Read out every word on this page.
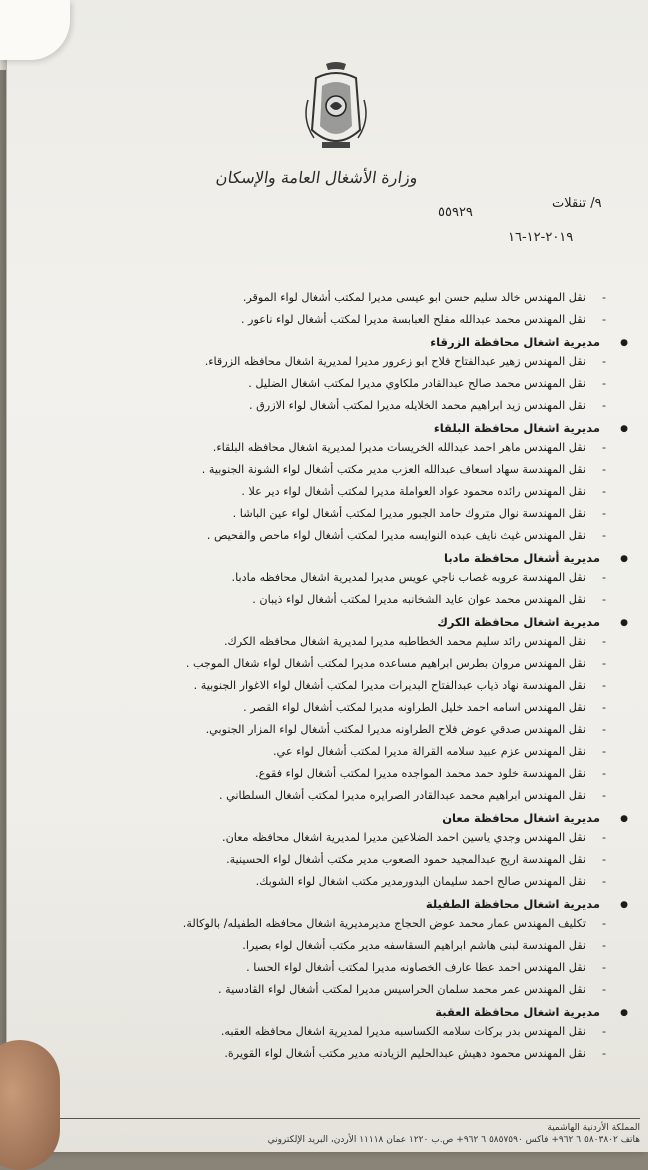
وزارة الأشغال العامة والإسكان
٩/ تنقلات
٥٥٩٢٩
٢٠١٩-١٢-١٦
- نقل المهندس خالد سليم حسن ابو عيسى مديرا لمكتب أشغال لواء الموقر.
- نقل المهندس محمد عبدالله مفلح العبابسة مديرا لمكتب أشغال لواء ناعور .
● مديرية اشغال محافظة الزرقاء
- نقل المهندس زهير عبدالفتاح فلاح ابو زعرور مديرا لمديرية اشغال محافظه الزرقاء.
- نقل المهندس محمد صالح عبدالقادر ملكاوي مديرا لمكتب اشغال الضليل .
- نقل المهندس زيد ابراهيم محمد الخلايله مديرا لمكتب أشغال لواء الازرق .
● مديرية اشغال محافظة البلقاء
- نقل المهندس ماهر احمد عبدالله الخريسات مديرا لمديرية اشغال محافظه البلقاء.
- نقل المهندسة سهاد اسعاف عبدالله العزب مدير مكتب أشغال لواء الشونة الجنوبية .
- نقل المهندس رائده محمود عواد العواملة مديرا لمكتب أشغال لواء دير علا .
- نقل المهندسة نوال متروك حامد الجبور مديرا لمكتب أشغال لواء عين الباشا .
- نقل المهندس غيث نايف عبده النوايسه مديرا لمكتب أشغال لواء ماحص والفحيص .
● مديرية أشغال محافظة مادبا
- نقل المهندسة عروبه غصاب ناجي عويس مديرا لمديرية اشغال محافظه مادبا.
- نقل المهندس محمد عوان عايد الشخانبه مديرا لمكتب أشغال لواء ذيبان .
● مديرية اشغال محافظة الكرك
- نقل المهندس رائد سليم محمد الخطاطبه مديرا لمديرية اشغال محافظه الكرك.
- نقل المهندس مروان بطرس ابراهيم مساعده مديرا لمكتب أشغال لواء شغال الموجب .
- نقل المهندسة نهاد ذياب عبدالفتاح البديرات مديرا لمكتب أشغال لواء الاغوار الجنوبية .
- نقل المهندس اسامه احمد خليل الطراونه مديرا لمكتب أشغال لواء القصر .
- نقل المهندس صدقي عوض فلاح الطراونه مديرا لمكتب أشغال لواء المزار الجنوبي.
- نقل المهندس عزم عبيد سلامه القرالة مديرا لمكتب أشغال لواء عي.
- نقل المهندسة خلود حمد محمد المواجده مديرا لمكتب أشغال لواء فقوع.
- نقل المهندس ابراهيم محمد عبدالقادر الصرايره مديرا لمكتب أشغال السلطاني .
● مديرية اشغال محافظة معان
- نقل المهندس وجدي ياسين احمد الضلاعين مديرا لمديرية اشغال محافظه معان.
- نقل المهندسة اريج عبدالمجيد حمود الصعوب مدير مكتب أشغال لواء الحسينية.
- نقل المهندس صالح احمد سليمان البدورمدير مكتب اشغال لواء الشوبك.
● مديرية اشغال محافظة الطفيلة
- تكليف المهندس عمار محمد عوض الحجاج مديرمديرية اشغال محافظه الطفيله/ بالوكالة.
- نقل المهندسة لبنى هاشم ابراهيم السقاسفه مدير مكتب أشغال لواء بصيرا.
- نقل المهندس احمد عطا عارف الخصاونه مديرا لمكتب أشغال لواء الحسا .
- نقل المهندس عمر محمد سلمان الحراسيس مديرا لمكتب أشغال لواء القادسية .
● مديرية اشغال محافظة العقبة
- نقل المهندس بدر بركات سلامه الكساسبه مديرا لمديرية اشغال محافظه العقبه.
- نقل المهندس محمود دهيش عبدالحليم الزيادنه مدير مكتب أشغال لواء القويرة.
المملكة الأردنية الهاشمية
هاتف ٥٨٠٣٨٠٢ ٦ ٩٦٢+ فاكس ٥٨٥٧٥٩٠ ٦ ٩٦٢+ ص.ب ١٢٢٠ عمان ١١١١٨ الأردن، البريد الإلكتروني
